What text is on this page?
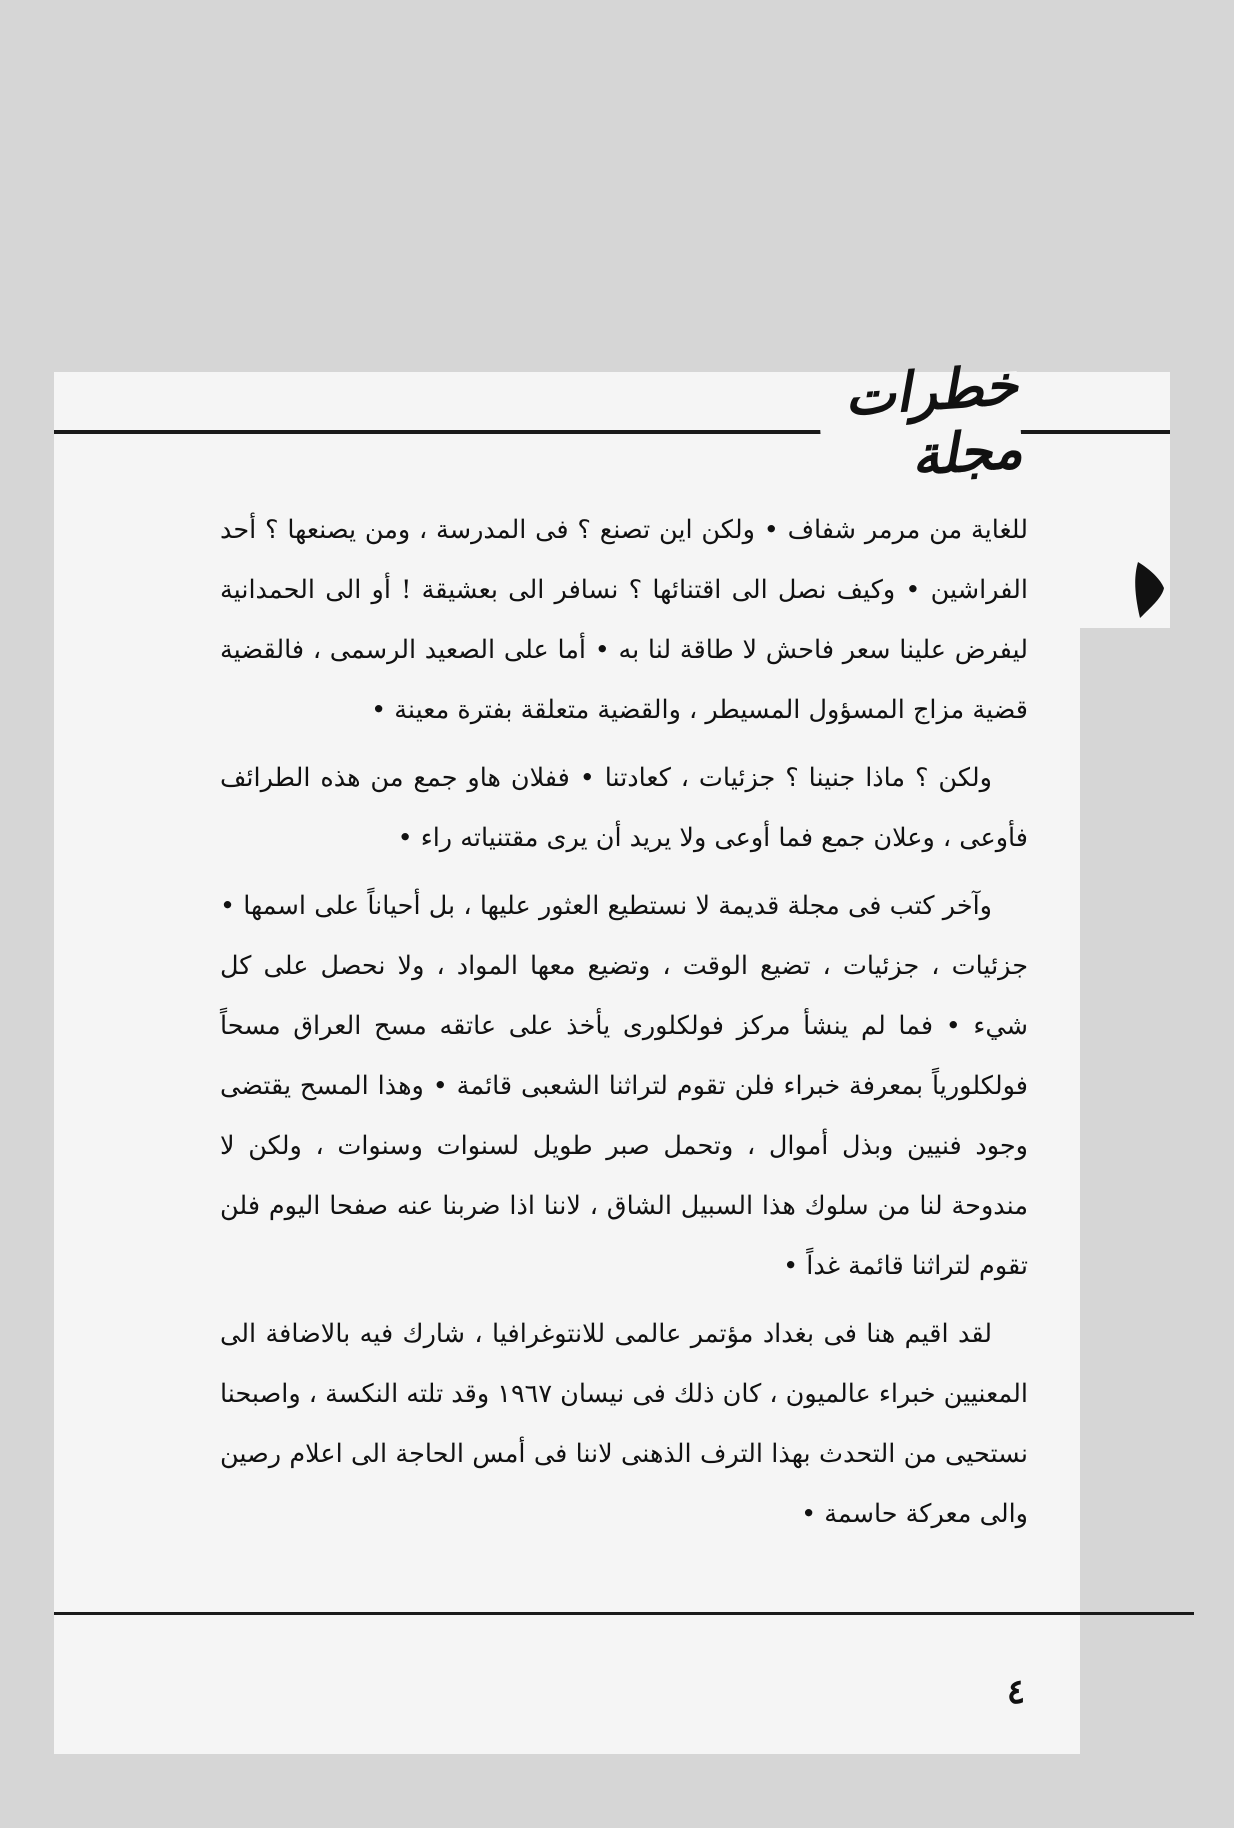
خطرات مجلة

للغاية من مرمر شفاف • ولكن اين تصنع ؟ فى المدرسة ، ومن يصنعها ؟ أحد الفراشين • وكيف نصل الى اقتنائها ؟ نسافر الى بعشيقة ! أو الى الحمدانية ليفرض علينا سعر فاحش لا طاقة لنا به • أما على الصعيد الرسمى ، فالقضية قضية مزاج المسؤول المسيطر ، والقضية متعلقة بفترة معينة •

ولكن ؟ ماذا جنينا ؟ جزئيات ، كعادتنا • ففلان هاو جمع من هذه الطرائف فأوعى ، وعلان جمع فما أوعى ولا يريد أن يرى مقتنياته راء •

وآخر كتب فى مجلة قديمة لا نستطيع العثور عليها ، بل أحياناً على اسمها • جزئيات ، جزئيات ، تضيع الوقت ، وتضيع معها المواد ، ولا نحصل على كل شيء • فما لم ينشأ مركز فولكلورى يأخذ على عاتقه مسح العراق مسحاً فولكلورياً بمعرفة خبراء فلن تقوم لتراثنا الشعبى قائمة • وهذا المسح يقتضى وجود فنيين وبذل أموال ، وتحمل صبر طويل لسنوات وسنوات ، ولكن لا مندوحة لنا من سلوك هذا السبيل الشاق ، لاننا اذا ضربنا عنه صفحا اليوم فلن تقوم لتراثنا قائمة غداً •

لقد اقيم هنا فى بغداد مؤتمر عالمى للانتوغرافيا ، شارك فيه بالاضافة الى المعنيين خبراء عالميون ، كان ذلك فى نيسان ١٩٦٧ وقد تلته النكسة ، واصبحنا نستحيى من التحدث بهذا الترف الذهنى لاننا فى أمس الحاجة الى اعلام رصين والى معركة حاسمة •

٤
